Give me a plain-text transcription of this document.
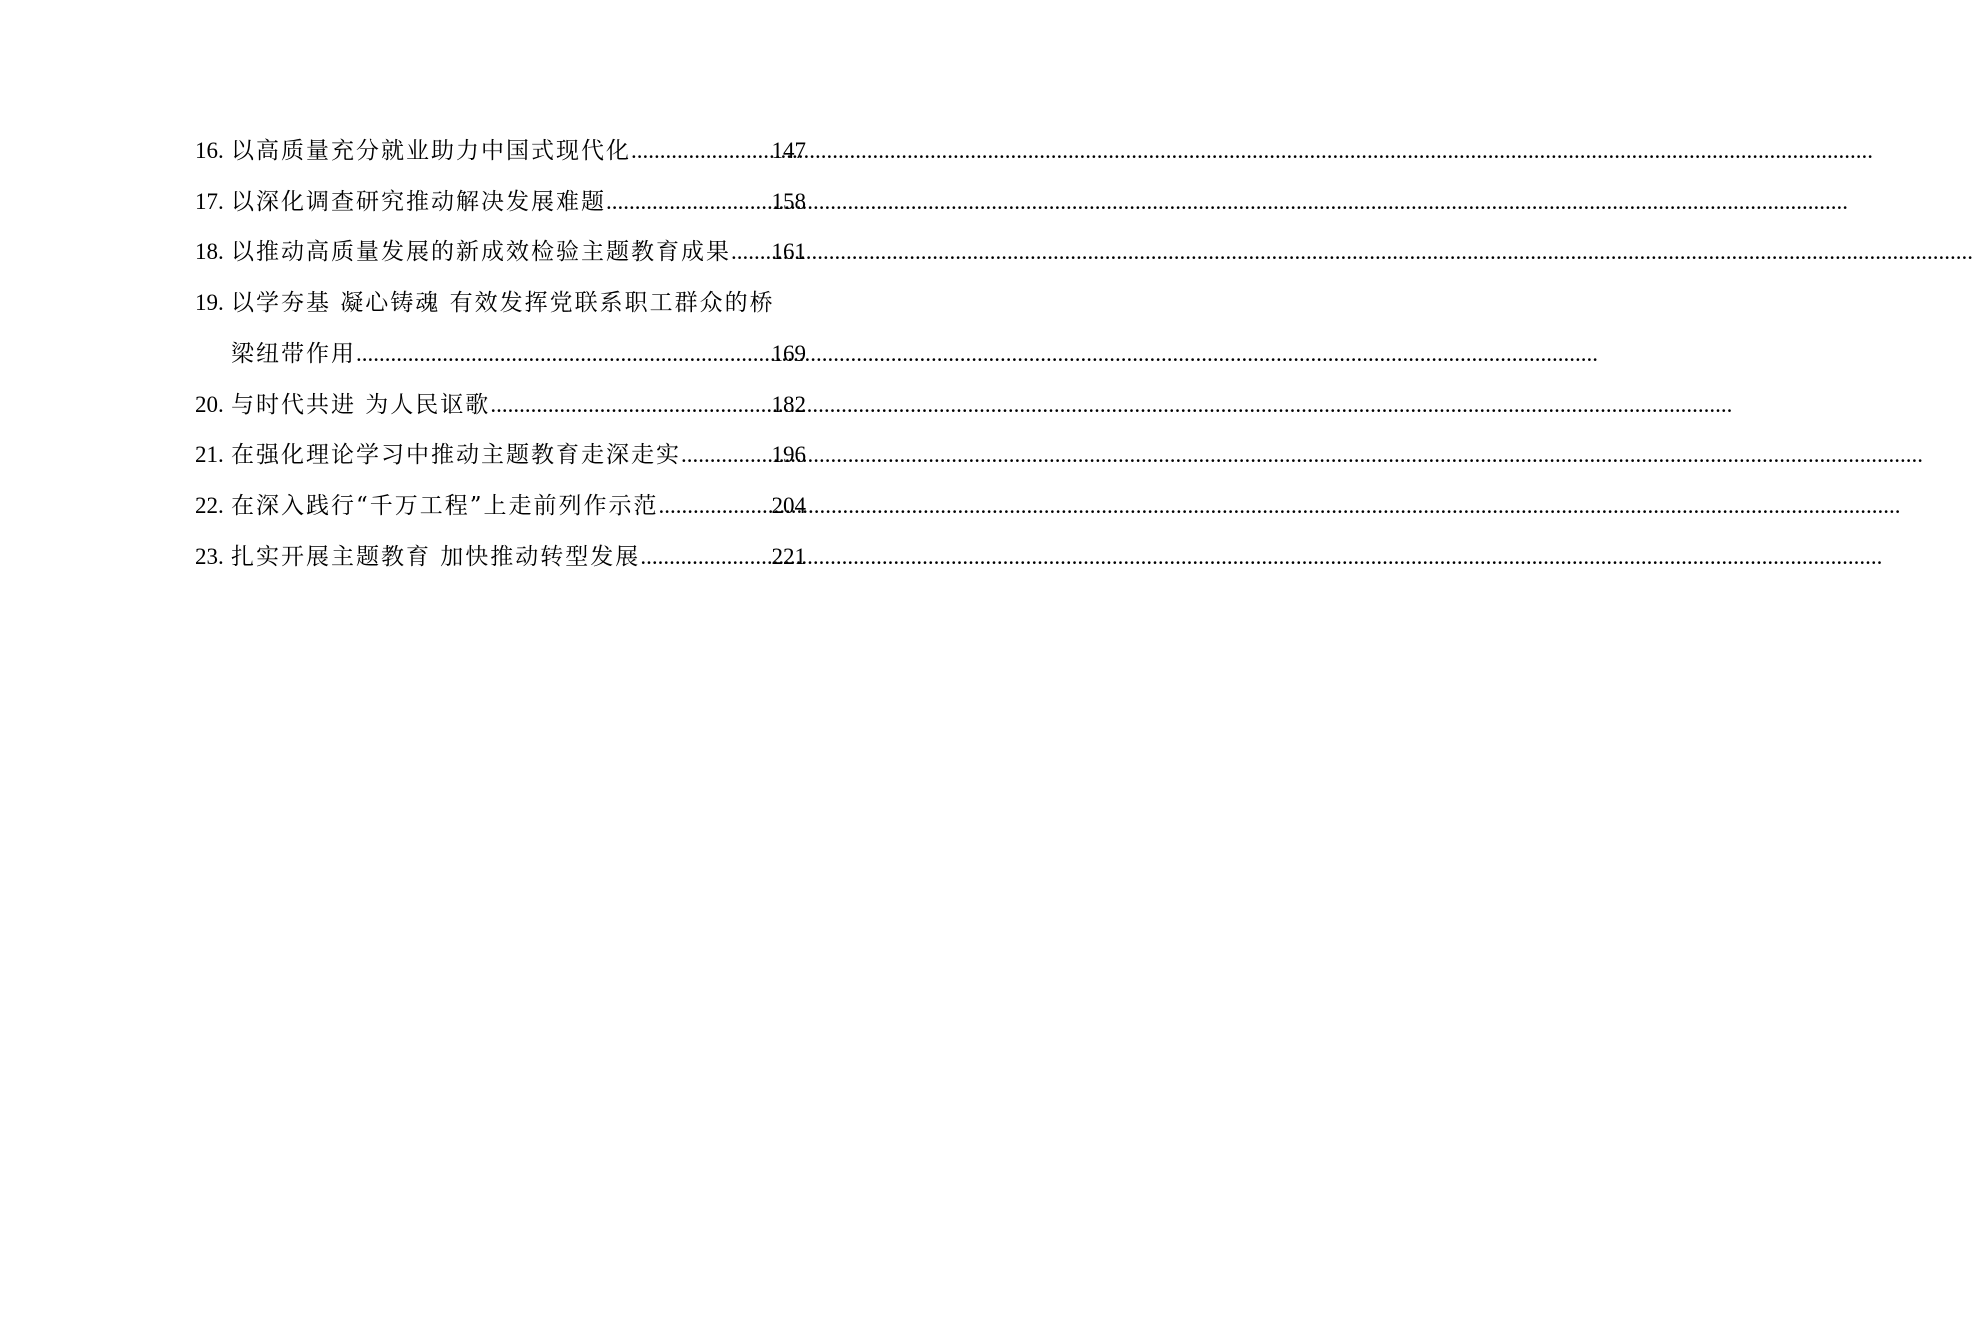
16. 以高质量充分就业助力中国式现代化 .....	147
17. 以深化调查研究推动解决发展难题 .....	158
18. 以推动高质量发展的新成效检验主题教育成果 ..... 161
19. 以学夯基 凝心铸魂 有效发挥党联系职工群众的桥
梁纽带作用 .....	169
20. 与时代共进 为人民讴歌 .....	182
21. 在强化理论学习中推动主题教育走深走实 .....	196
22. 在深入践行“千万工程”上走前列作示范 .....	204
23. 扎实开展主题教育 加快推动转型发展 .....	221
